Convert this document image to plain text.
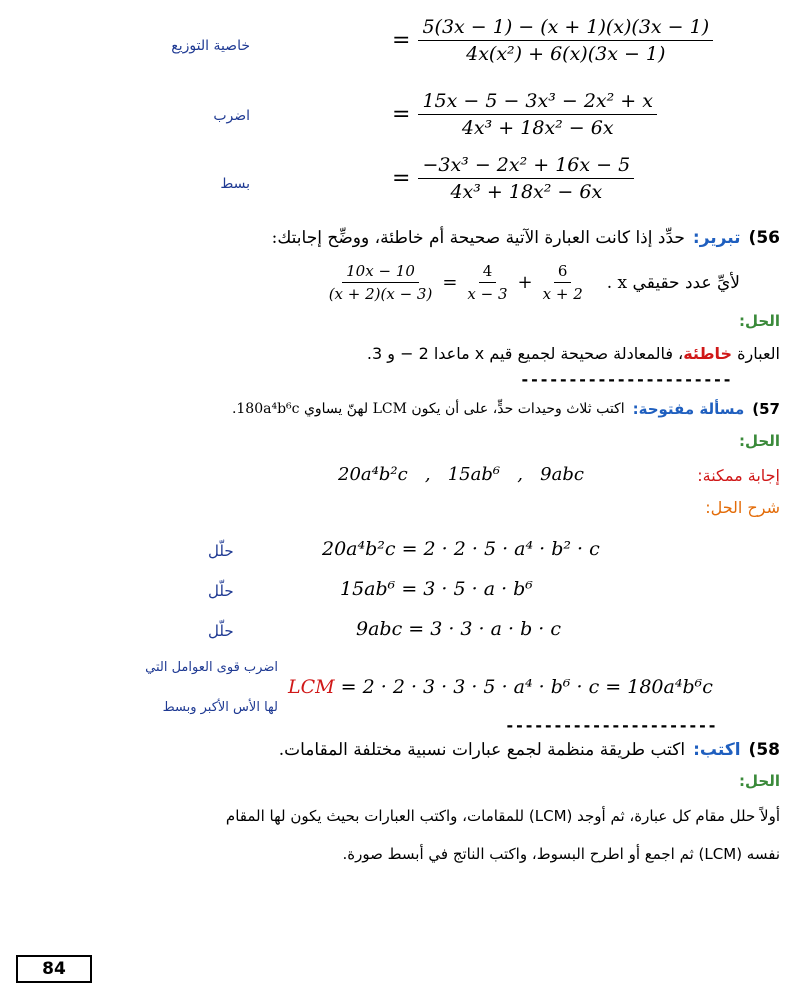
= $\frac{5(3x - 1) - (x + 1)(x)(3x - 1)}{\text{4x(x²) + 6(x)(3x − 1)}}$
خاصية التوزيع
= $\frac{\text{15x − 5 − 3x³ − 2x² + x}}{\text{4x³ + 18x² − 6x}}$
اضرب
= $\frac{\text{−3x³ − 2x² + 16x − 5}}{\text{4x³ + 18x² − 6x}}$
بسط
56)
تبرير:
حدِّد إذا كانت العبارة الآتية صحيحة أم خاطئة، ووضِّح إجابتك:
لأيِّ عدد حقيقي x .
$\frac{6}{x + 2}$
+
$\frac{4}{x - 3}$
=
$\frac{10x - 10}{(x + 2)(x - 3)}$
الحل:
العبارة خاطئة، فالمعادلة صحيحة لجميع قيم x ماعدا 2 − و 3.
----------------------
57)
مسألة مفتوحة:
اكتب ثلاث وحيدات حدٍّ، على أن يكون LCM لهنّ يساوي 180a⁴b⁶c.
الحل:
إجابة ممكنة:
20a⁴b²c   ,   15ab⁶   ,   9abc
شرح الحل:
حلّل	20a⁴b²c = 2 · 2 · 5 · a⁴ · b² · c
حلّل	15ab⁶ = 3 · 5 · a · b⁶
حلّل	9abc = 3 · 3 · a · b · c
اضرب قوى العوامل التي
لها الأس الأكبر وبسط
LCM = 2 · 2 · 3 · 3 · 5 · a⁴ · b⁶ · c = 180a⁴b⁶c
----------------------
58)
اكتب:
اكتب طريقة منظمة لجمع عبارات نسبية مختلفة المقامات.
الحل:
أولاً حلل مقام كل عبارة، ثم أوجد (LCM) للمقامات، واكتب العبارات بحيث يكون لها المقام
نفسه (LCM) ثم اجمع أو اطرح البسوط، واكتب الناتج في أبسط صورة.
84
